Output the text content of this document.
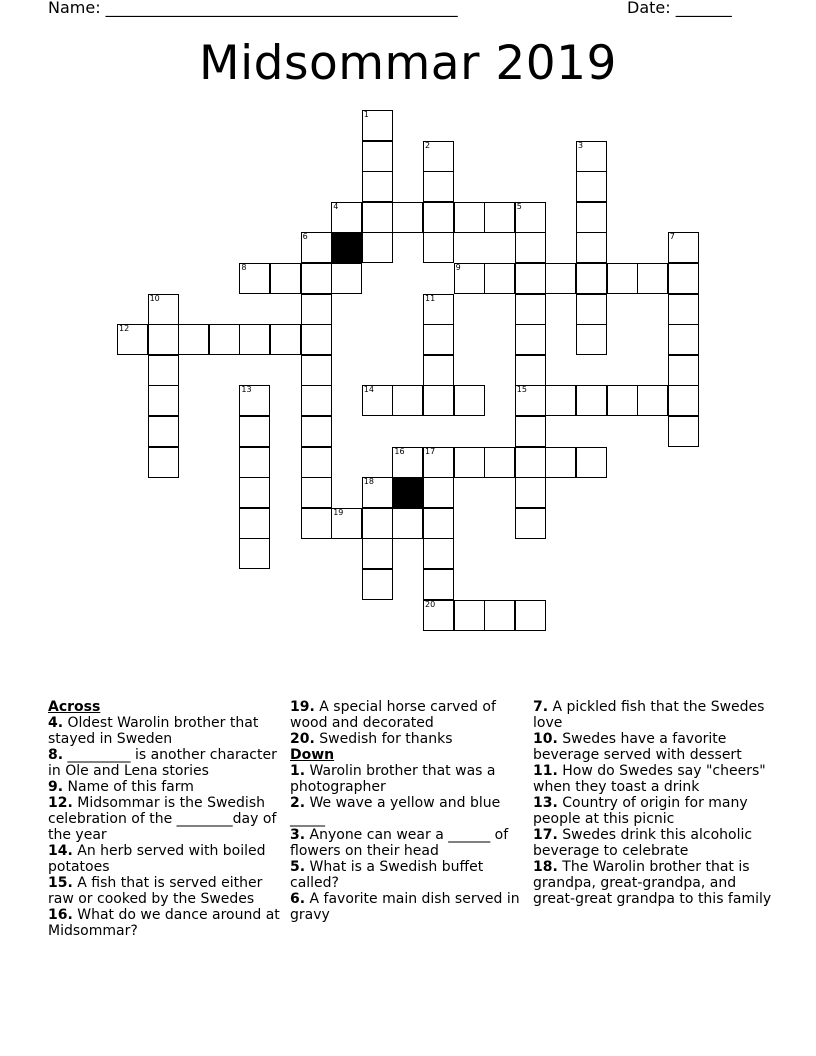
Name: ____________________________________________	Date: _______
Midsommar 2019
1
2	3
4	5
15
6	7
8	9
10	11
12
13	14
16	17
20
18
19
Across
4. Oldest Warolin brother that stayed in Sweden
8. _________ is another character in Ole and Lena stories
9. Name of this farm
12. Midsommar is the Swedish celebration of the ________day of the year
14. An herb served with boiled potatoes
15. A fish that is served either raw or cooked by the Swedes
16. What do we dance around at Midsommar?
19. A special horse carved of wood and decorated
20. Swedish for thanks
Down
1. Warolin brother that was a photographer
2. We wave a yellow and blue _____
3. Anyone can wear a ______ of flowers on their head
5. What is a Swedish buffet called?
6. A favorite main dish served in gravy
7. A pickled fish that the Swedes love
10. Swedes have a favorite beverage served with dessert
11. How do Swedes say "cheers" when they toast a drink
13. Country of origin for many people at this picnic
17. Swedes drink this alcoholic beverage to celebrate
18. The Warolin brother that is grandpa, great-grandpa, and great-great grandpa to this family
